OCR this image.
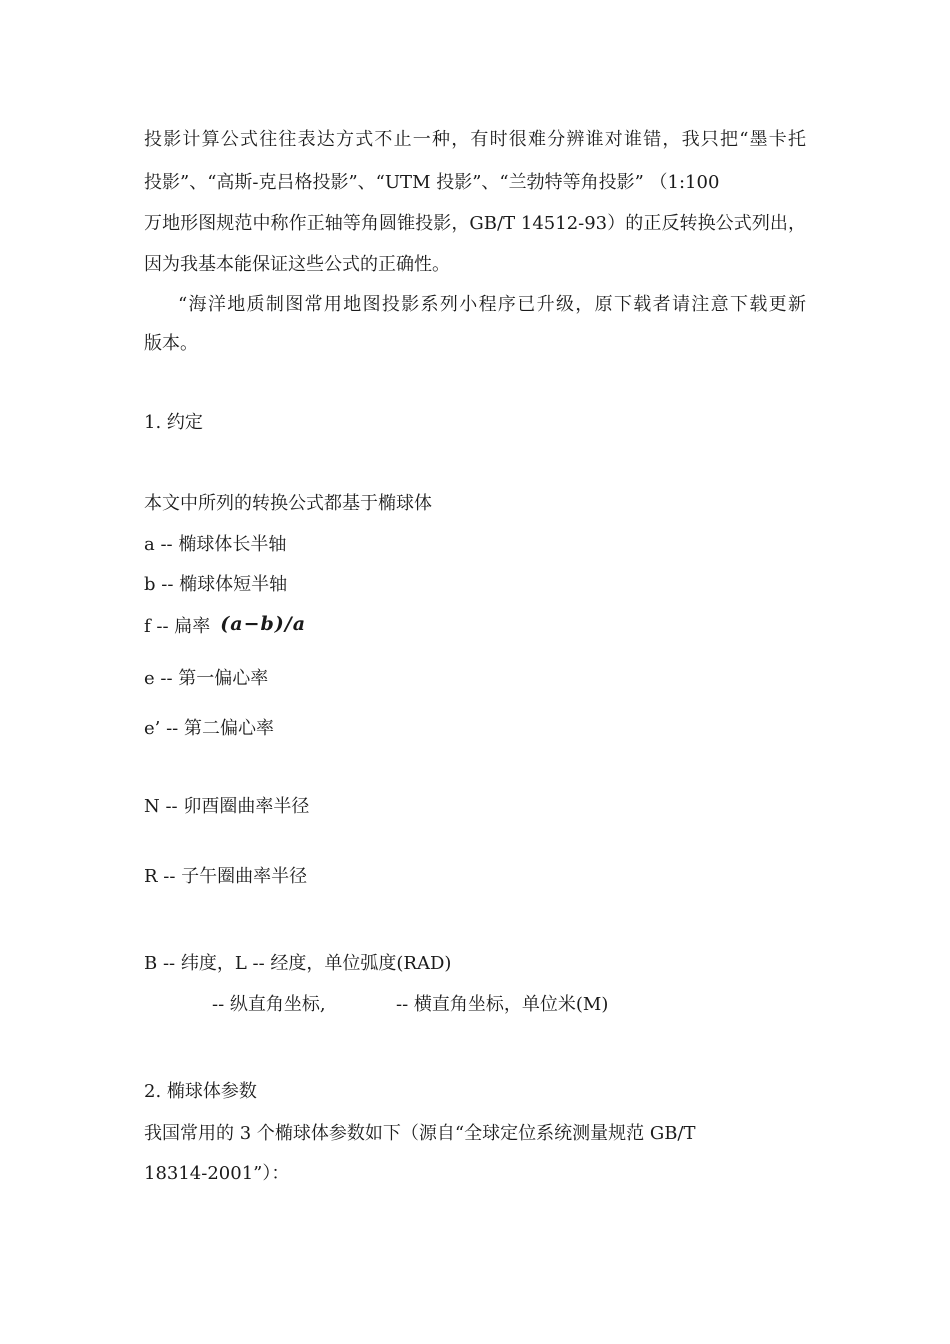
投影计算公式往往表达方式不止一种，有时很难分辨谁对谁错，我只把“墨卡托
投影”、“高斯-克吕格投影”、“UTM 投影”、“兰勃特等角投影” （1:100
万地形图规范中称作正轴等角圆锥投影，GB/T 14512-93）的正反转换公式列出，
因为我基本能保证这些公式的正确性。
“海洋地质制图常用地图投影系列小程序已升级，原下载者请注意下载更新
版本。
1. 约定
本文中所列的转换公式都基于椭球体
a -- 椭球体长半轴
b -- 椭球体短半轴
f -- 扁率 (a−b)/a
e -- 第一偏心率
e’ -- 第二偏心率
N -- 卯酉圈曲率半径
R -- 子午圈曲率半径
B -- 纬度，L -- 经度，单位弧度(RAD)
-- 纵直角坐标,	-- 横直角坐标，单位米(M)
2. 椭球体参数
我国常用的 3 个椭球体参数如下（源自“全球定位系统测量规范 GB/T
18314-2001”）：
